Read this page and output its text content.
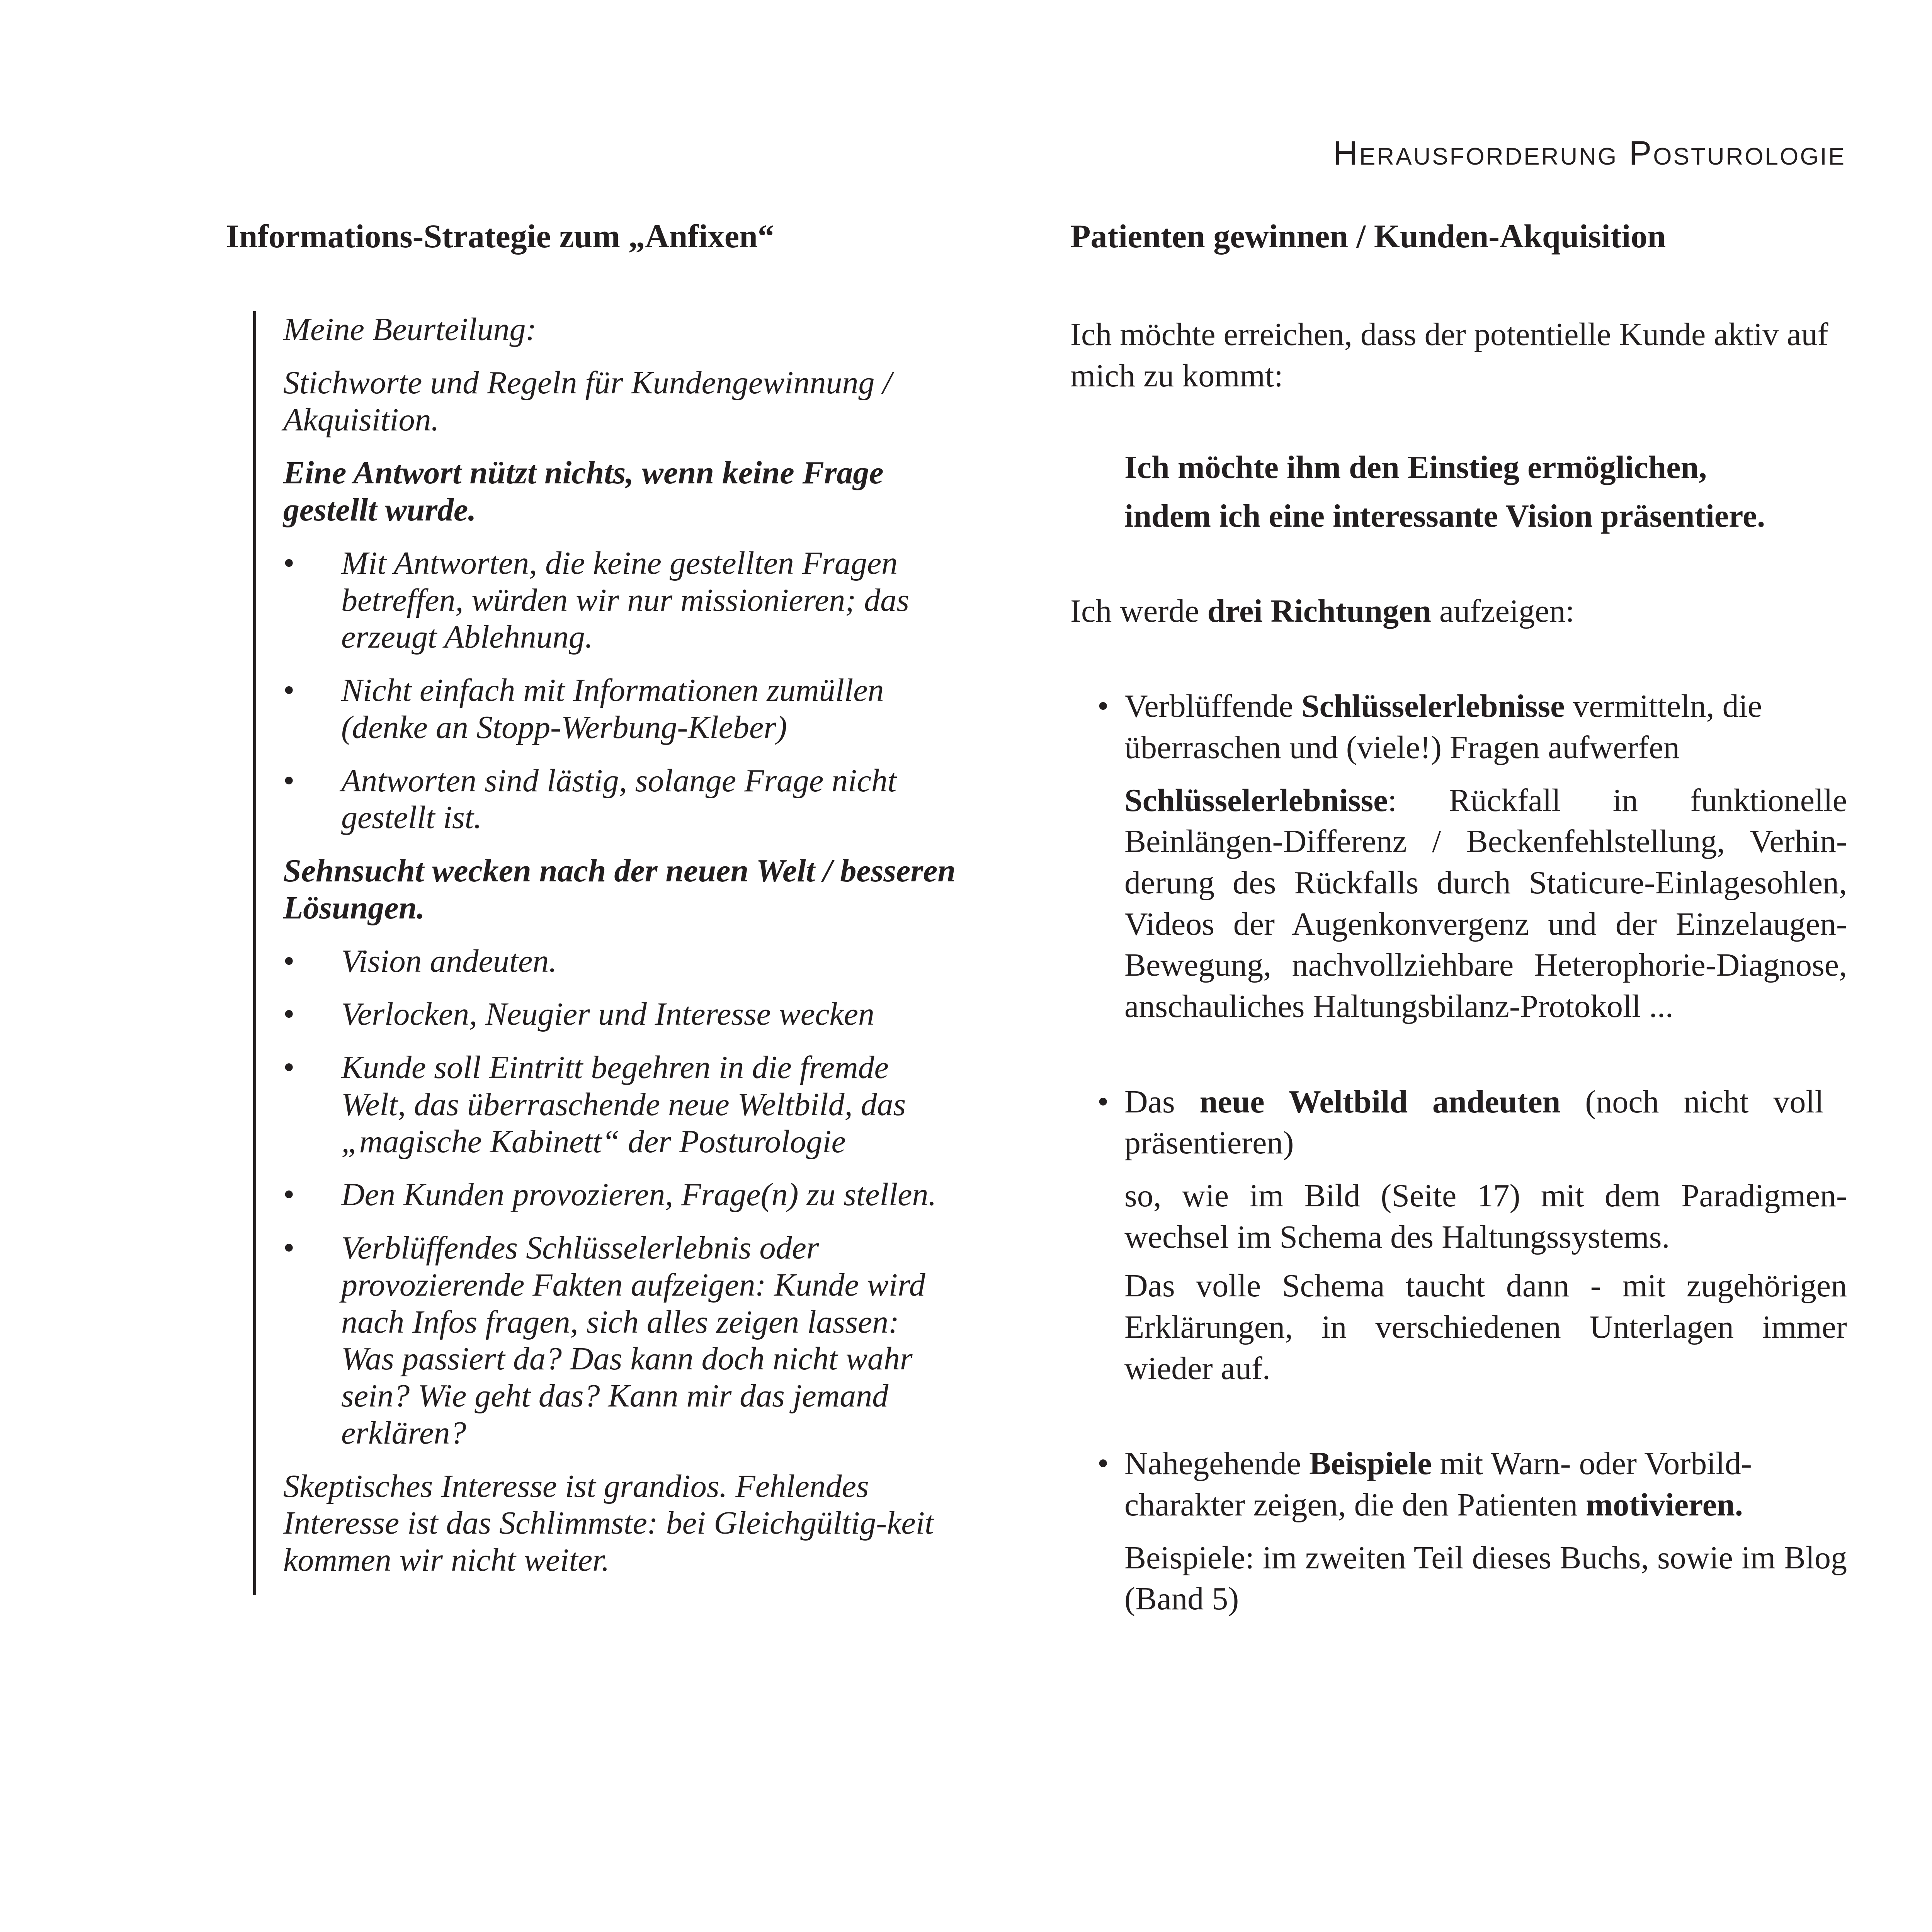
Herausforderung Posturologie
Informations-Strategie zum „Anfixen“

Meine Beurteilung:

Stichworte und Regeln für Kundengewinnung / Akquisition.

Eine Antwort nützt nichts, wenn keine Frage gestellt wurde.

• Mit Antworten, die keine gestellten Fragen betreffen, würden wir nur missionieren; das erzeugt Ablehnung.
• Nicht einfach mit Informationen zumüllen (denke an Stopp-Werbung-Kleber)
• Antworten sind lästig, solange Frage nicht gestellt ist.

Sehnsucht wecken nach der neuen Welt / besseren Lösungen.

• Vision andeuten.
• Verlocken, Neugier und Interesse wecken
• Kunde soll Eintritt begehren in die fremde Welt, das überraschende neue Weltbild, das „magische Kabinett“ der Posturologie
• Den Kunden provozieren, Frage(n) zu stellen.
• Verblüffendes Schlüsselerlebnis oder provozierende Fakten aufzeigen: Kunde wird nach Infos fragen, sich alles zeigen lassen: Was passiert da? Das kann doch nicht wahr sein? Wie geht das? Kann mir das jemand erklären?

Skeptisches Interesse ist grandios. Fehlendes Interesse ist das Schlimmste: bei Gleichgültig-keit kommen wir nicht weiter.

Patienten gewinnen / Kunden-Akquisition

Ich möchte erreichen, dass der potentielle Kunde aktiv auf mich zu kommt:

Ich möchte ihm den Einstieg ermöglichen,

indem ich eine interessante Vision präsentiere.

Ich werde drei Richtungen aufzeigen:

• Verblüffende Schlüsselerlebnisse vermitteln, die überraschen und (viele!) Fragen aufwerfen

Schlüsselerlebnisse: Rückfall in funktionelle Beinlängen-Differenz / Beckenfehlstellung, Verhin-derung des Rückfalls durch Staticure-Einlagesohlen, Videos der Augenkonvergenz und der Einzelaugen-Bewegung, nachvollziehbare Heterophorie-Diagnose, anschauliches Haltungsbilanz-Protokoll ...

• Das neue Weltbild andeuten (noch nicht voll präsentieren)

so, wie im Bild (Seite 17) mit dem Paradigmen-wechsel im Schema des Haltungssystems.

Das volle Schema taucht dann - mit zugehörigen Erklärungen, in verschiedenen Unterlagen immer wieder auf.

• Nahegehende Beispiele mit Warn- oder Vorbild-charakter zeigen, die den Patienten motivieren.

Beispiele: im zweiten Teil dieses Buchs, sowie im Blog (Band 5)
